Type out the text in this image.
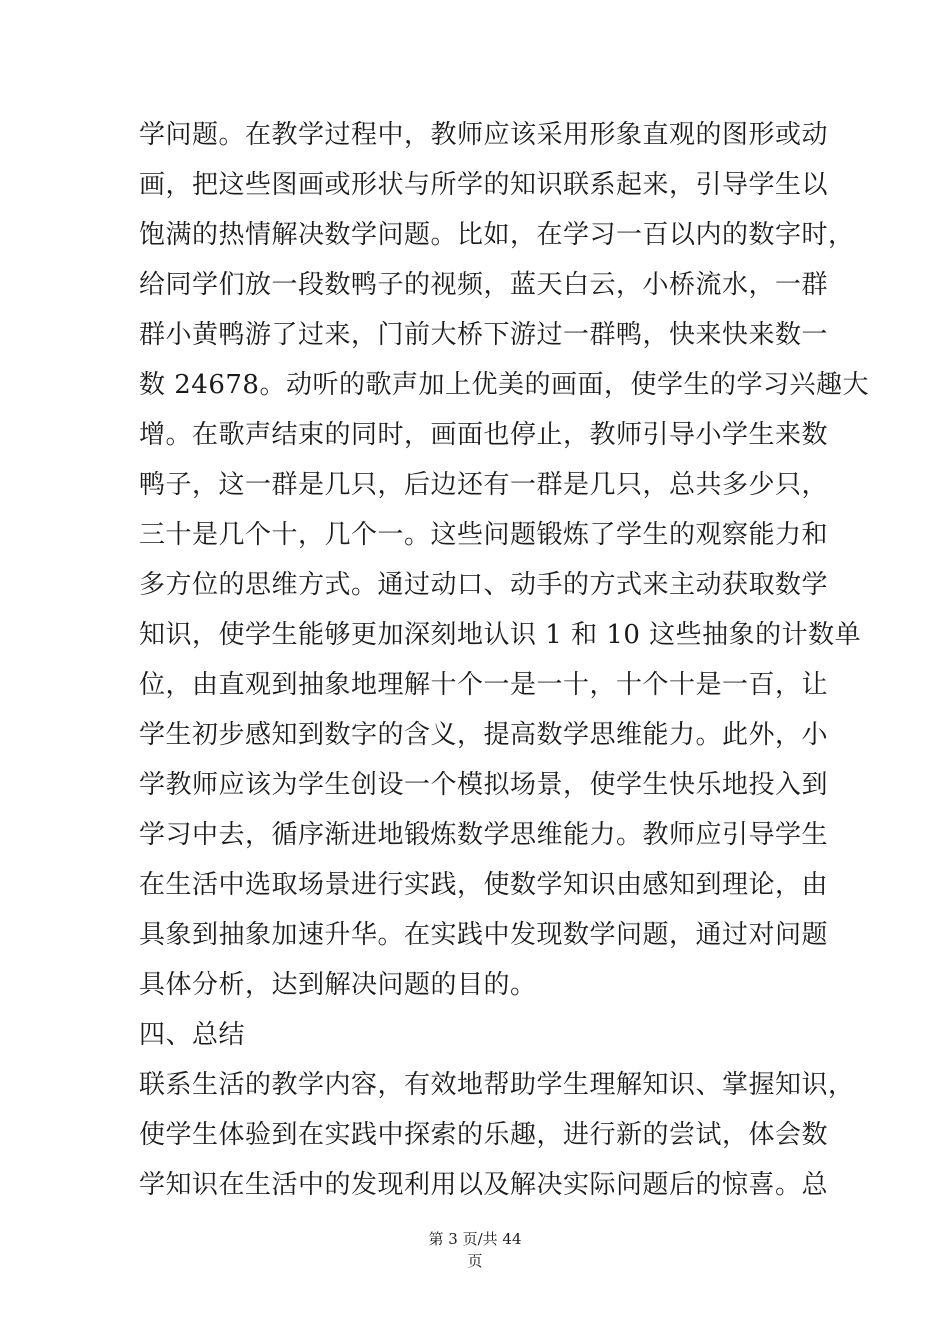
学问题。在教学过程中，教师应该采用形象直观的图形或动
画，把这些图画或形状与所学的知识联系起来，引导学生以
饱满的热情解决数学问题。比如，在学习一百以内的数字时，
给同学们放一段数鸭子的视频，蓝天白云，小桥流水，一群
群小黄鸭游了过来，门前大桥下游过一群鸭，快来快来数一
数 24678。动听的歌声加上优美的画面，使学生的学习兴趣大
增。在歌声结束的同时，画面也停止，教师引导小学生来数
鸭子，这一群是几只，后边还有一群是几只，总共多少只，
三十是几个十，几个一。这些问题锻炼了学生的观察能力和
多方位的思维方式。通过动口、动手的方式来主动获取数学
知识，使学生能够更加深刻地认识 1 和 10 这些抽象的计数单
位，由直观到抽象地理解十个一是一十，十个十是一百，让
学生初步感知到数字的含义，提高数学思维能力。此外，小
学教师应该为学生创设一个模拟场景，使学生快乐地投入到
学习中去，循序渐进地锻炼数学思维能力。教师应引导学生
在生活中选取场景进行实践，使数学知识由感知到理论，由
具象到抽象加速升华。在实践中发现数学问题，通过对问题
具体分析，达到解决问题的目的。
四、总结
联系生活的教学内容，有效地帮助学生理解知识、掌握知识，
使学生体验到在实践中探索的乐趣，进行新的尝试，体会数
学知识在生活中的发现利用以及解决实际问题后的惊喜。总
第 3 页/共 44
页
